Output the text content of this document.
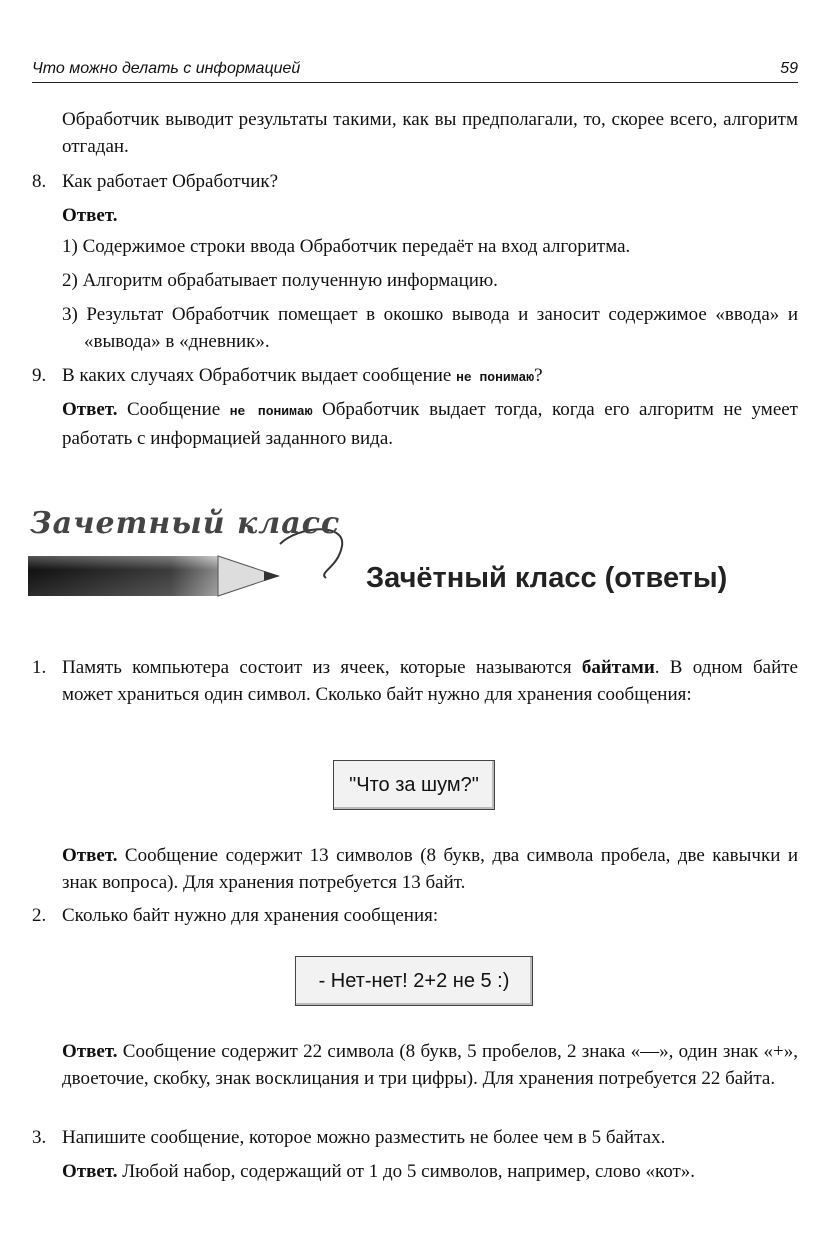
Что можно делать с информацией	59
Обработчик выводит результаты такими, как вы предполагали, то, скорее всего, алгоритм отгадан.
8. Как работает Обработчик?
Ответ.
1) Содержимое строки ввода Обработчик передаёт на вход алгоритма.
2) Алгоритм обрабатывает полученную информацию.
3) Результат Обработчик помещает в окошко вывода и заносит содержимое «ввода» и «вывода» в «дневник».
9. В каких случаях Обработчик выдает сообщение не понимаю?
Ответ. Сообщение не понимаю Обработчик выдает тогда, когда его алгоритм не умеет работать с информацией заданного вида.
Зачетный класс
Зачётный класс (ответы)
1. Память компьютера состоит из ячеек, которые называются байтами. В одном байте может храниться один символ. Сколько байт нужно для хранения сообщения:
"Что за шум?"
Ответ. Сообщение содержит 13 символов (8 букв, два символа пробела, две кавычки и знак вопроса). Для хранения потребуется 13 байт.
2. Сколько байт нужно для хранения сообщения:
- Нет-нет! 2+2 не 5 :)
Ответ. Сообщение содержит 22 символа (8 букв, 5 пробелов, 2 знака «—», один знак «+», двоеточие, скобку, знак восклицания и три цифры). Для хранения потребуется 22 байта.
3. Напишите сообщение, которое можно разместить не более чем в 5 байтах.
Ответ. Любой набор, содержащий от 1 до 5 символов, например, слово «кот».
